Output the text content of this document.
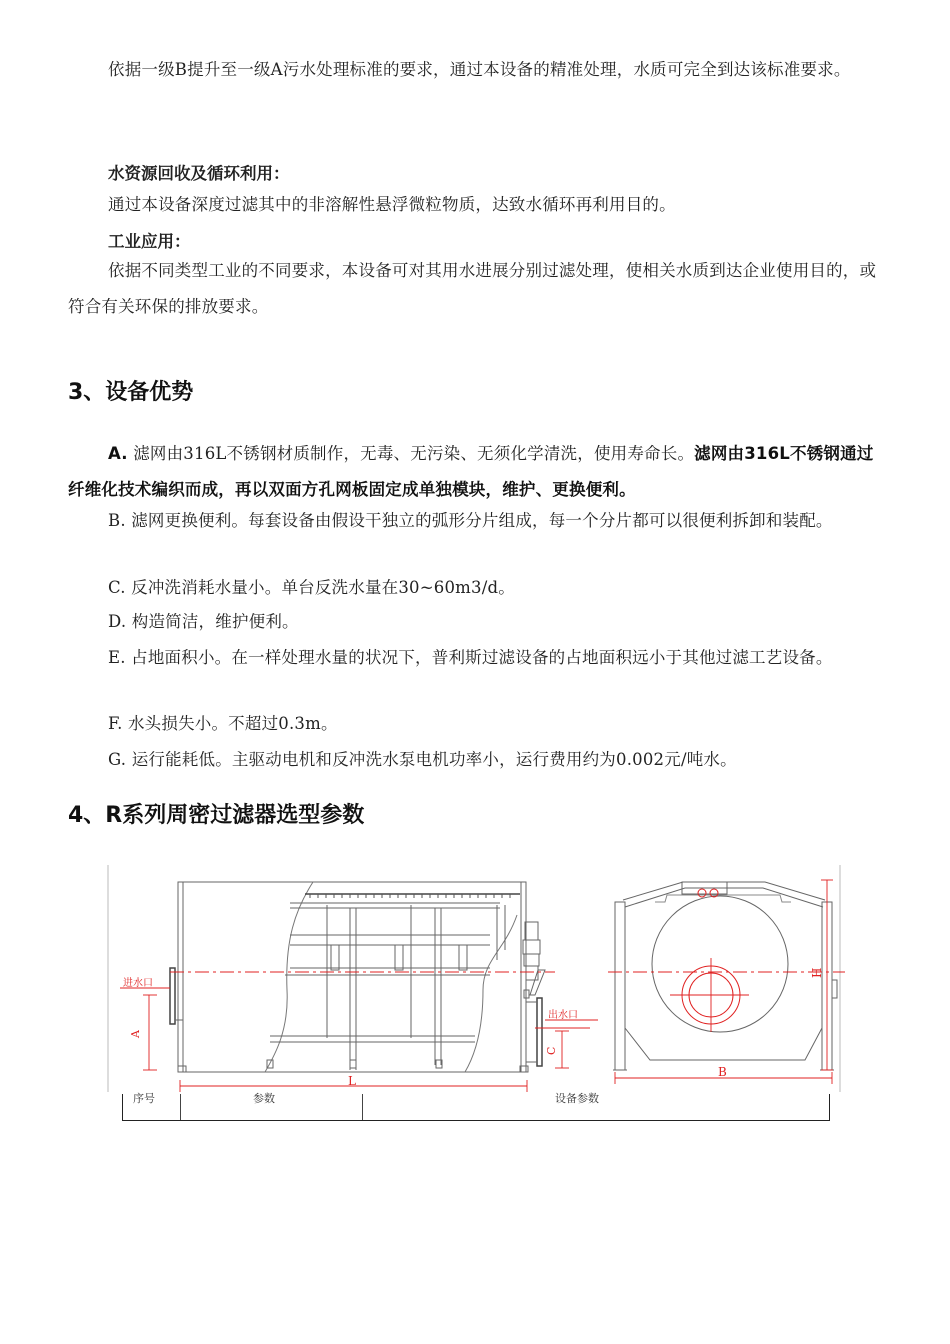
依据一级B提升至一级A污水处理标准的要求，通过本设备的精准处理，水质可完全到达该标准要求。
水资源回收及循环利用：
通过本设备深度过滤其中的非溶解性悬浮微粒物质，达致水循环再利用目的。
工业应用：
依据不同类型工业的不同要求，本设备可对其用水进展分别过滤处理，使相关水质到达企业使用目的，或符合有关环保的排放要求。
3、设备优势
A. 滤网由316L不锈钢材质制作，无毒、无污染、无须化学清洗，使用寿命长。滤网由316L不锈钢通过纤维化技术编织而成，再以双面方孔网板固定成单独模块，维护、更换便利。
B. 滤网更换便利。每套设备由假设干独立的弧形分片组成，每一个分片都可以很便利拆卸和装配。
C. 反冲洗消耗水量小。单台反洗水量在30~60m3/d。
D. 构造简洁，维护便利。
E. 占地面积小。在一样处理水量的状况下，普利斯过滤设备的占地面积远小于其他过滤工艺设备。
F. 水头损失小。不超过0.3m。
G. 运行能耗低。主驱动电机和反冲洗水泵电机功率小，运行费用约为0.002元/吨水。
4、R系列周密过滤器选型参数
进水口
出水口
A
C
L
B
H
序号	参数	设备参数
